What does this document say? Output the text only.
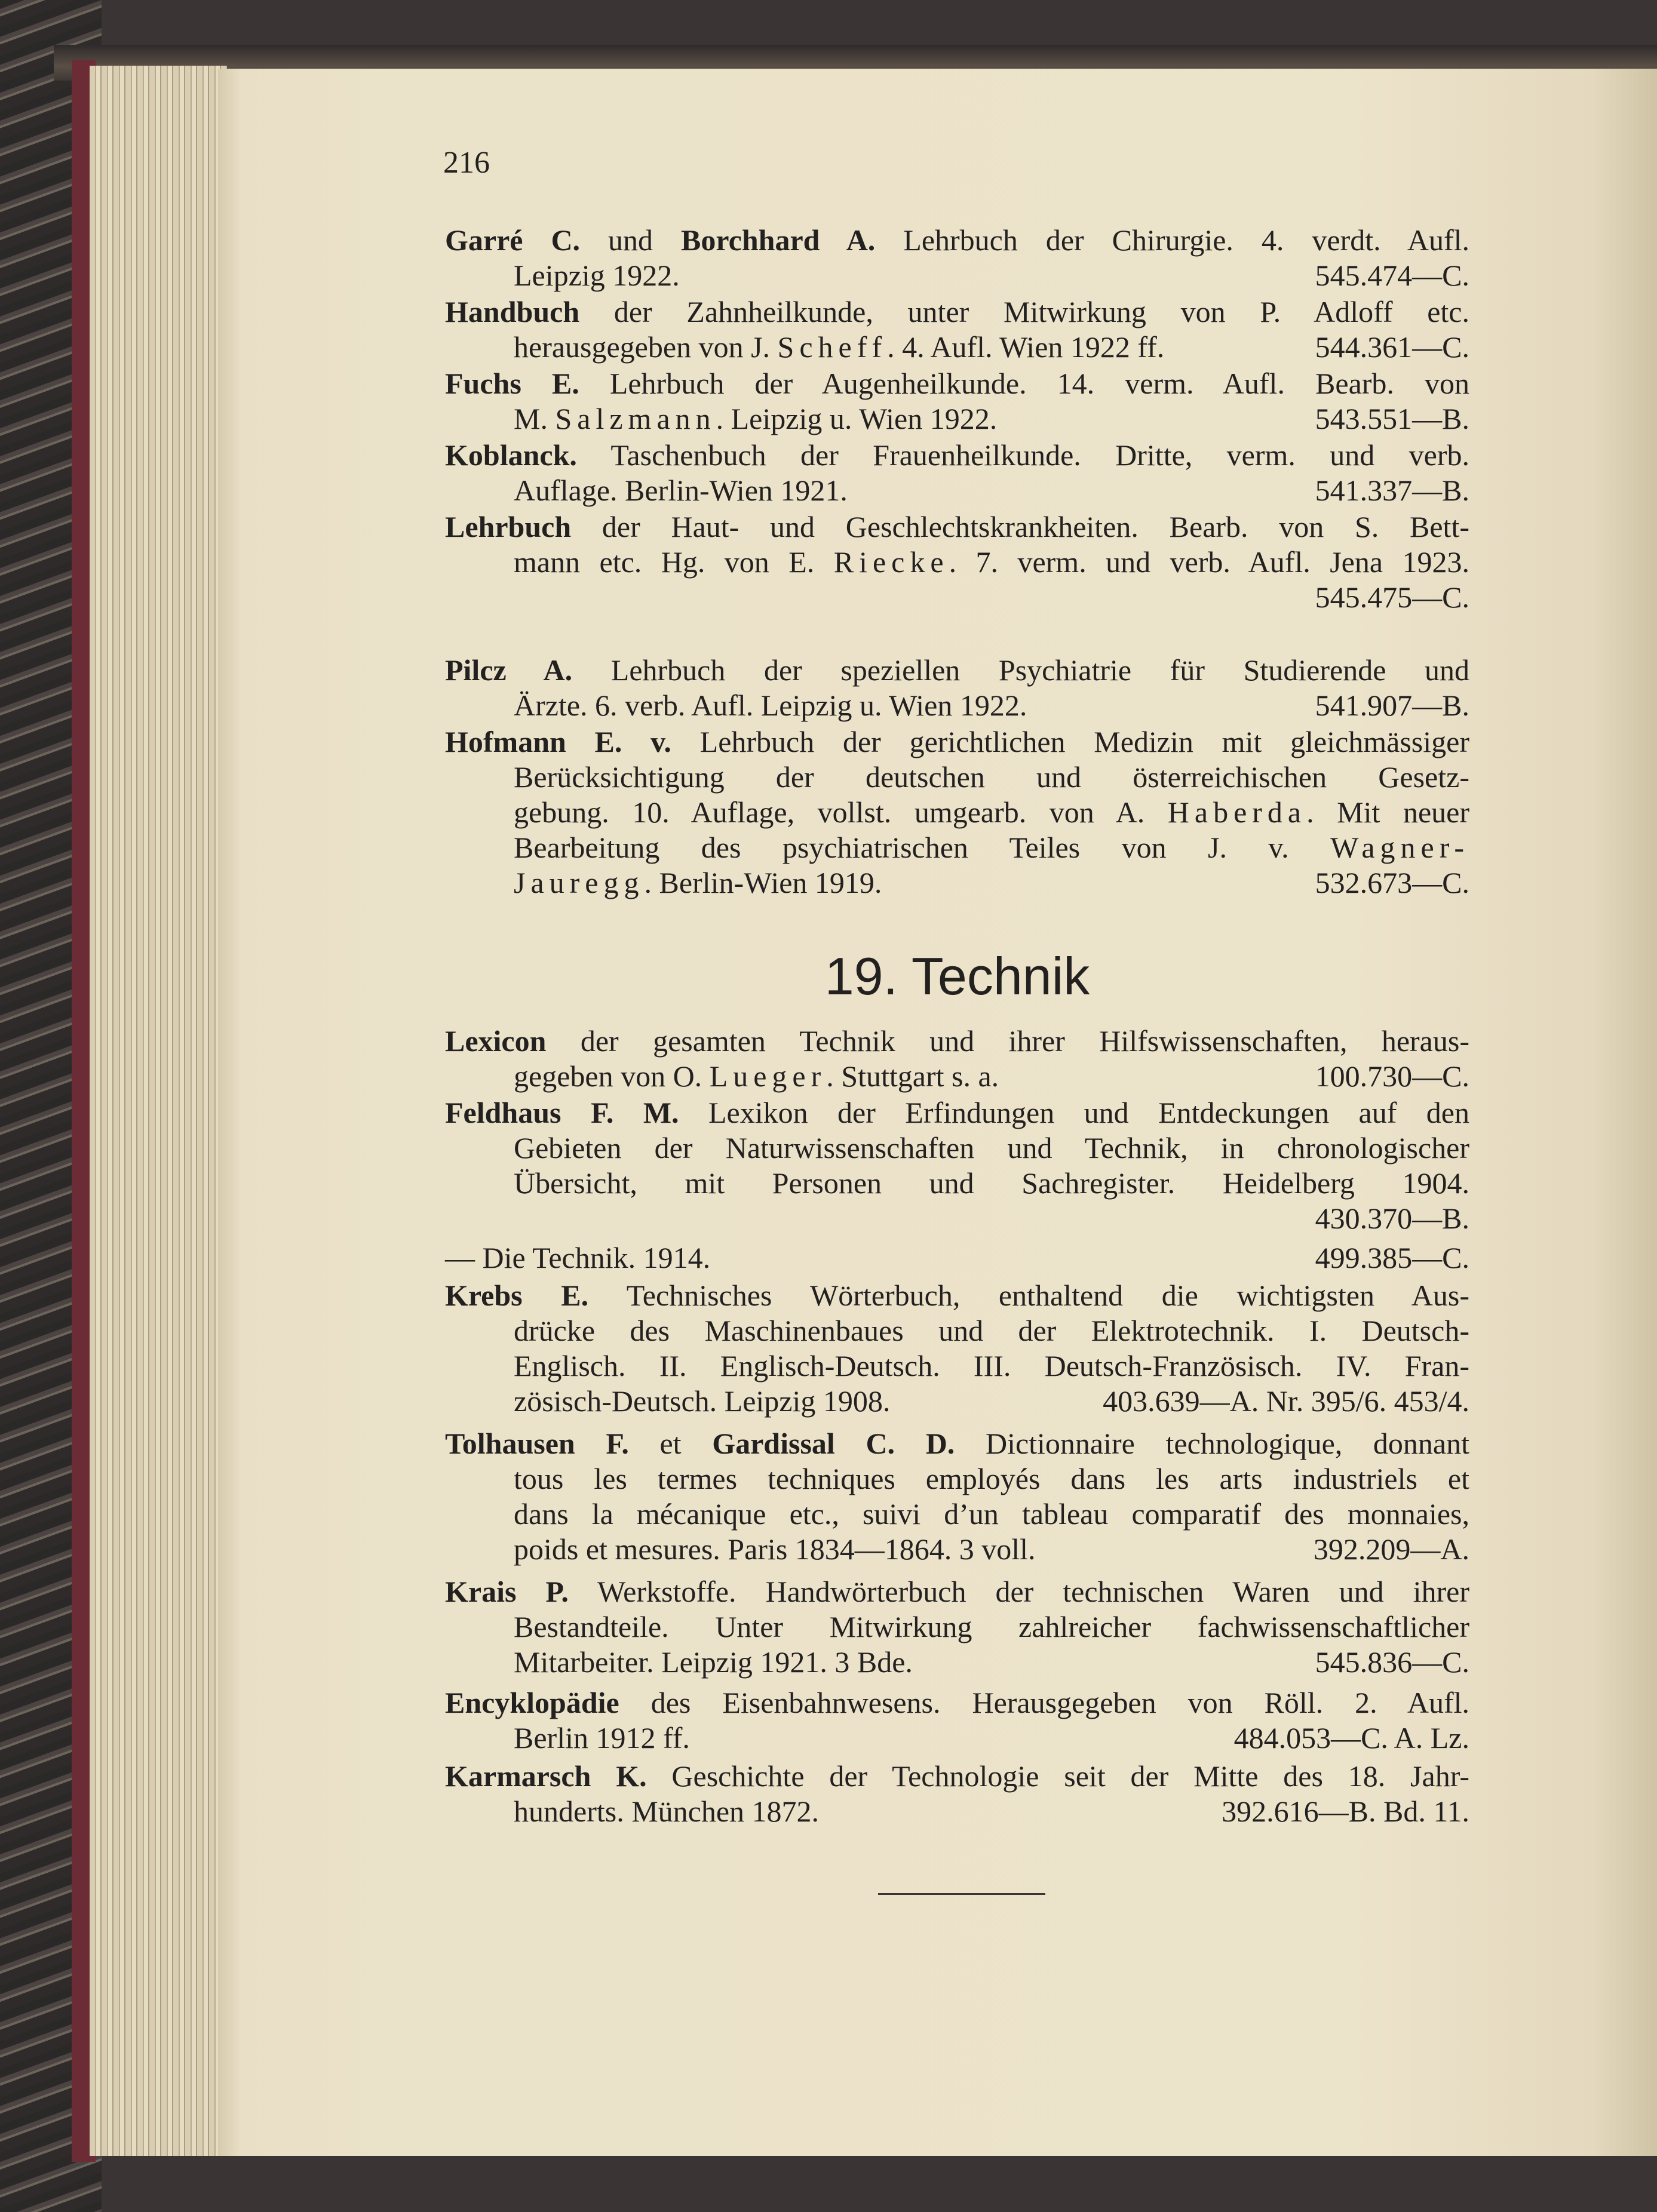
216
Garré C. und Borchhard A. Lehrbuch der Chirurgie. 4. verdt. Aufl.
Leipzig 1922.	545.474—C.
Handbuch der Zahnheilkunde, unter Mitwirkung von P. Adloff etc.
herausgegeben von J. Scheff. 4. Aufl. Wien 1922 ff.	544.361—C.
Fuchs E. Lehrbuch der Augenheilkunde. 14. verm. Aufl. Bearb. von
M. Salzmann. Leipzig u. Wien 1922.	543.551—B.
Koblanck. Taschenbuch der Frauenheilkunde. Dritte, verm. und verb.
Auflage. Berlin-Wien 1921.	541.337—B.
Lehrbuch der Haut- und Geschlechtskrankheiten. Bearb. von S. Bett-
mann etc. Hg. von E. Riecke. 7. verm. und verb. Aufl. Jena 1923.
545.475—C.
Pilcz A. Lehrbuch der speziellen Psychiatrie für Studierende und
Ärzte. 6. verb. Aufl. Leipzig u. Wien 1922.	541.907—B.
Hofmann E. v. Lehrbuch der gerichtlichen Medizin mit gleichmässiger
Berücksichtigung der deutschen und österreichischen Gesetz-
gebung. 10. Auflage, vollst. umgearb. von A. Haberda. Mit neuer
Bearbeitung des psychiatrischen Teiles von J. v. Wagner-
Jauregg. Berlin-Wien 1919.	532.673—C.
19. Technik
Lexicon der gesamten Technik und ihrer Hilfswissenschaften, heraus-
gegeben von O. Lueger. Stuttgart s. a.	100.730—C.
Feldhaus F. M. Lexikon der Erfindungen und Entdeckungen auf den
Gebieten der Naturwissenschaften und Technik, in chronologischer
Übersicht, mit Personen und Sachregister. Heidelberg 1904.
430.370—B.
— Die Technik. 1914.	499.385—C.
Krebs E. Technisches Wörterbuch, enthaltend die wichtigsten Aus-
drücke des Maschinenbaues und der Elektrotechnik. I. Deutsch-
Englisch. II. Englisch-Deutsch. III. Deutsch-Französisch. IV. Fran-
zösisch-Deutsch. Leipzig 1908.	403.639—A. Nr. 395/6. 453/4.
Tolhausen F. et Gardissal C. D. Dictionnaire technologique, donnant
tous les termes techniques employés dans les arts industriels et
dans la mécanique etc., suivi d’un tableau comparatif des monnaies,
poids et mesures. Paris 1834—1864. 3 voll.	392.209—A.
Krais P. Werkstoffe. Handwörterbuch der technischen Waren und ihrer
Bestandteile. Unter Mitwirkung zahlreicher fachwissenschaftlicher
Mitarbeiter. Leipzig 1921. 3 Bde.	545.836—C.
Encyklopädie des Eisenbahnwesens. Herausgegeben von Röll. 2. Aufl.
Berlin 1912 ff.	484.053—C. A. Lz.
Karmarsch K. Geschichte der Technologie seit der Mitte des 18. Jahr-
hunderts. München 1872.	392.616—B. Bd. 11.
